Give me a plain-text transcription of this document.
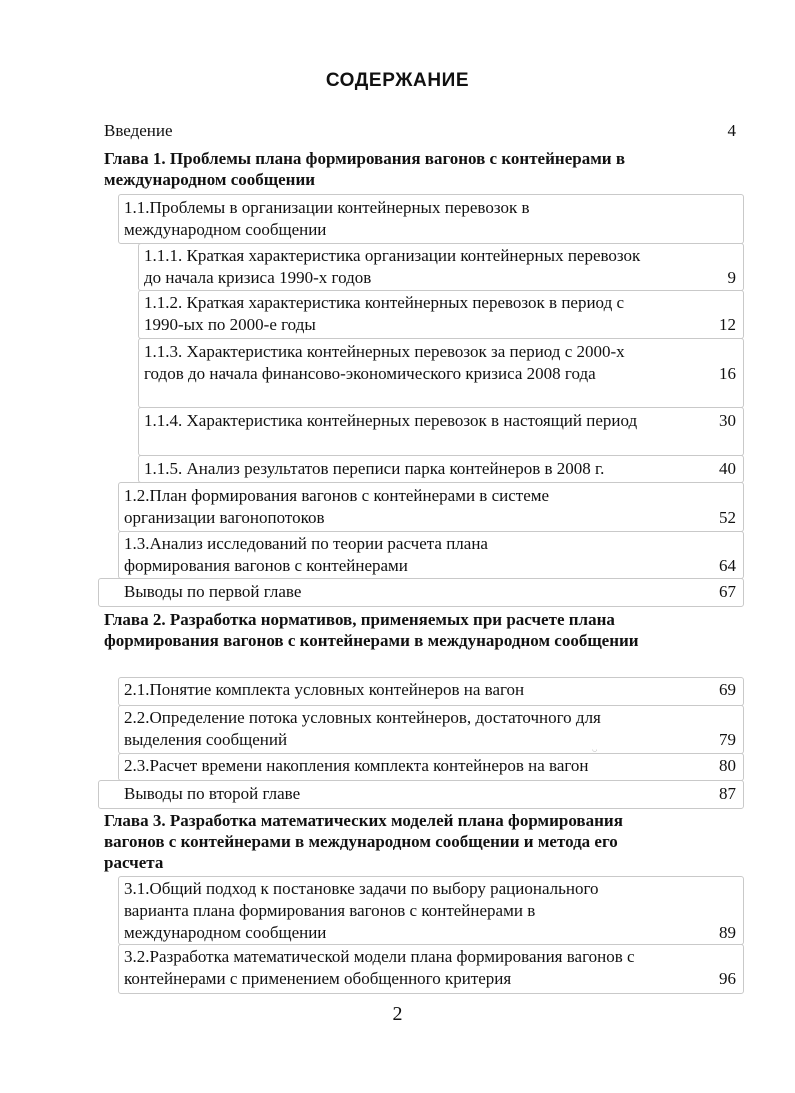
СОДЕРЖАНИЕ
Введение	4
Глава 1. Проблемы плана формирования вагонов с контейнерами в международном сообщении
1.1.Проблемы в организации контейнерных перевозок в международном сообщении
1.1.1. Краткая характеристика организации контейнерных перевозок до начала кризиса 1990-х годов	9
1.1.2. Краткая характеристика контейнерных перевозок в период с 1990-ых по 2000-е годы	12
1.1.3. Характеристика контейнерных перевозок за период с 2000-х годов до начала финансово-экономического кризиса 2008 года	16
1.1.4. Характеристика контейнерных перевозок в настоящий период	30
1.1.5. Анализ результатов переписи парка контейнеров в 2008 г.	40
1.2.План формирования вагонов с контейнерами в системе организации вагонопотоков	52
1.3.Анализ исследований по теории расчета плана формирования вагонов с контейнерами	64
Выводы по первой главе	67
Глава 2. Разработка нормативов, применяемых при расчете плана формирования вагонов с контейнерами в международном сообщении
2.1.Понятие комплекта условных контейнеров на вагон	69
2.2.Определение потока условных контейнеров, достаточного для выделения сообщений	79
2.3.Расчет времени накопления комплекта контейнеров на вагон	80
Выводы по второй главе	87
Глава 3. Разработка математических моделей плана формирования вагонов с контейнерами в международном сообщении и метода его расчета
3.1.Общий подход к постановке задачи по выбору рационального варианта плана формирования вагонов с контейнерами в международном сообщении	89
3.2.Разработка математической модели плана формирования вагонов с контейнерами с применением обобщенного критерия	96
◡
2
